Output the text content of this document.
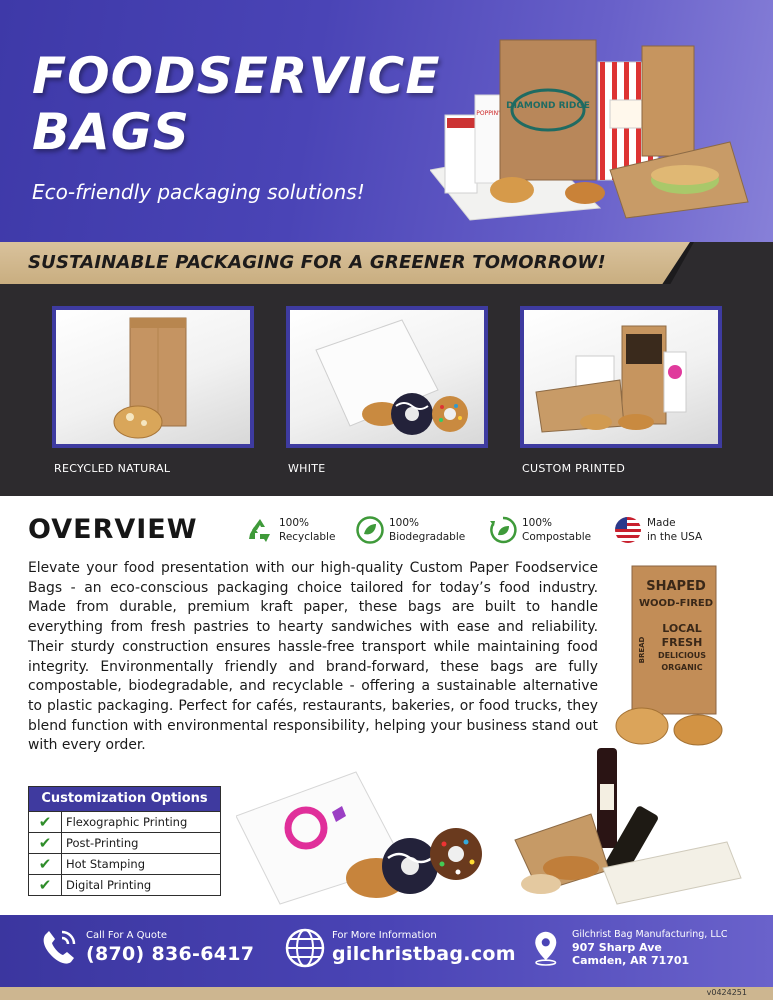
FOODSERVICE
BAGS
Eco-friendly packaging solutions!
POPPIN'
DIAMOND RIDGE
SUSTAINABLE PACKAGING FOR A GREENER TOMORROW!
RECYCLED NATURAL	WHITE	CUSTOM PRINTED
OVERVIEW	100%
Recyclable
100%
Biodegradable
100%
Compostable
Made
in the USA
Elevate your food presentation with our high-quality Custom Paper Foodservice Bags - an eco-conscious packaging choice tailored for today’s food industry. Made from durable, premium kraft paper, these bags are built to handle everything from fresh pastries to hearty sandwiches with ease and reliability. Their sturdy construction ensures hassle-free transport while maintaining food integrity. Environmentally friendly and brand-forward, these bags are fully compostable, biodegradable, and recyclable - offering a sustainable alternative to plastic packaging. Perfect for cafés, restaurants, bakeries, or food trucks, they blend function with environmental responsibility, helping your business stand out with every order.
SHAPED
WOOD-FIRED
BREAD
LOCAL
FRESH
DELICIOUS
ORGANIC
Customization Options
✔	Flexographic Printing
✔	Post-Printing
✔	Hot Stamping
✔	Digital Printing
Call For A Quote
(870) 836-6417
For More Information
gilchristbag.com
Gilchrist Bag Manufacturing, LLC
907 Sharp Ave
Camden, AR 71701
v0424251
